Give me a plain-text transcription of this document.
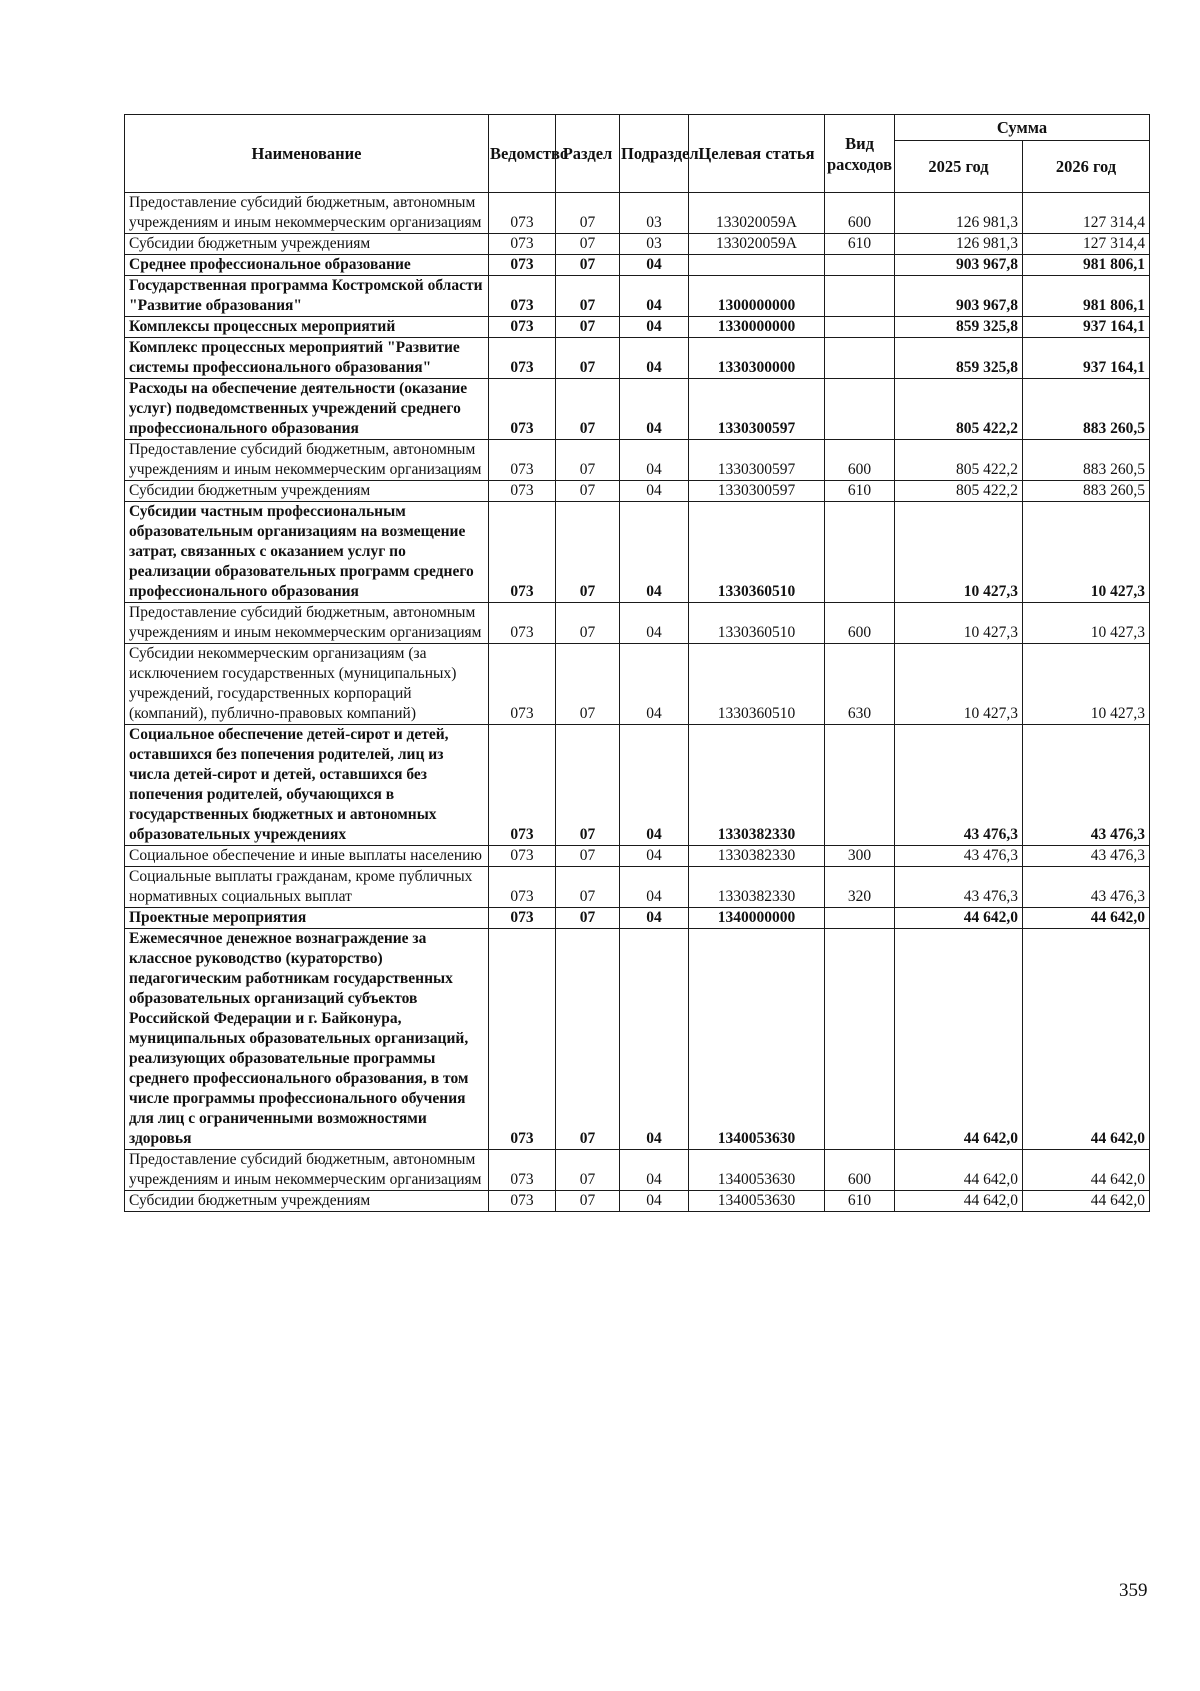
Наименование	Ведомство	Раздел	Подраздел	Целевая статья	Вид расходов	Сумма	
						2025 год	2026 год
Предоставление субсидий бюджетным, автономным учреждениям и иным некоммерческим организациям	073	07	03	133020059А	600	126 981,3	127 314,4
Субсидии бюджетным учреждениям	073	07	03	133020059А	610	126 981,3	127 314,4
Среднее профессиональное образование	073	07	04			903 967,8	981 806,1
Государственная программа Костромской области "Развитие образования"	073	07	04	1300000000		903 967,8	981 806,1
Комплексы процессных мероприятий	073	07	04	1330000000		859 325,8	937 164,1
Комплекс процессных мероприятий "Развитие системы профессионального образования"	073	07	04	1330300000		859 325,8	937 164,1
Расходы на обеспечение деятельности (оказание услуг) подведомственных учреждений среднего профессионального образования	073	07	04	1330300597		805 422,2	883 260,5
Предоставление субсидий бюджетным, автономным учреждениям и иным некоммерческим организациям	073	07	04	1330300597	600	805 422,2	883 260,5
Субсидии бюджетным учреждениям	073	07	04	1330300597	610	805 422,2	883 260,5
Субсидии частным профессиональным образовательным организациям на возмещение затрат, связанных с оказанием услуг по реализации образовательных программ среднего профессионального образования	073	07	04	1330360510		10 427,3	10 427,3
Предоставление субсидий бюджетным, автономным учреждениям и иным некоммерческим организациям	073	07	04	1330360510	600	10 427,3	10 427,3
Субсидии некоммерческим организациям (за исключением государственных (муниципальных) учреждений, государственных корпораций (компаний), публично-правовых компаний)	073	07	04	1330360510	630	10 427,3	10 427,3
Социальное обеспечение детей-сирот и детей, оставшихся без попечения родителей, лиц из числа детей-сирот и детей, оставшихся без попечения родителей, обучающихся в государственных бюджетных и автономных образовательных учреждениях	073	07	04	1330382330		43 476,3	43 476,3
Социальное обеспечение и иные выплаты населению	073	07	04	1330382330	300	43 476,3	43 476,3
Социальные выплаты гражданам, кроме публичных нормативных социальных выплат	073	07	04	1330382330	320	43 476,3	43 476,3
Проектные мероприятия	073	07	04	1340000000		44 642,0	44 642,0
Ежемесячное денежное вознаграждение за классное руководство (кураторство) педагогическим работникам государственных образовательных организаций субъектов Российской Федерации и г. Байконура, муниципальных образовательных организаций, реализующих образовательные программы среднего профессионального образования, в том числе программы профессионального обучения для лиц с ограниченными возможностями здоровья	073	07	04	1340053630		44 642,0	44 642,0
Предоставление субсидий бюджетным, автономным учреждениям и иным некоммерческим организациям	073	07	04	1340053630	600	44 642,0	44 642,0
Субсидии бюджетным учреждениям	073	07	04	1340053630	610	44 642,0	44 642,0
359
